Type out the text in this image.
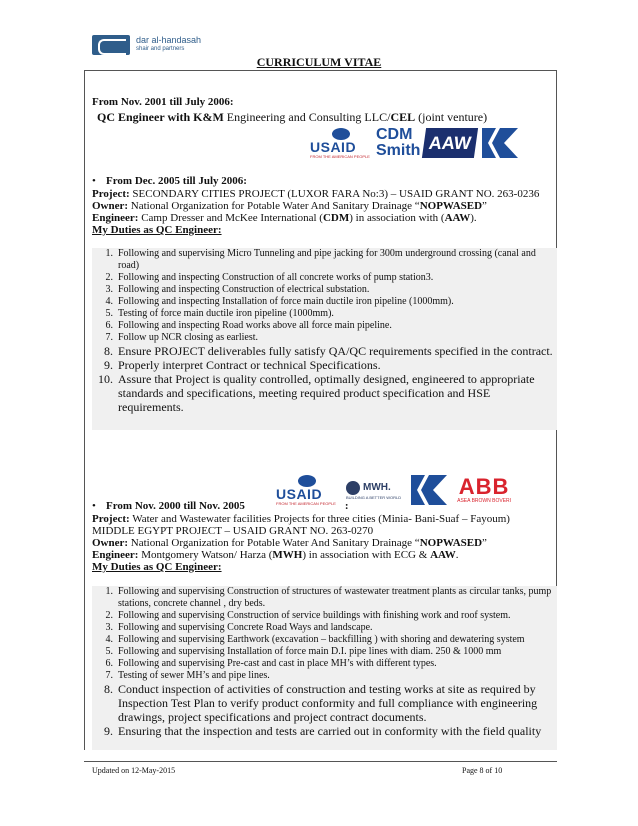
dar al-handasah
shair and partners
CURRICULUM VITAE
From Nov. 2001 till July 2006:
QC Engineer with K&M Engineering and Consulting LLC/CEL (joint venture)
USAID
FROM THE AMERICAN PEOPLE
CDM
Smith AAW
• From Dec. 2005 till July 2006:
Project: SECONDARY CITIES PROJECT (LUXOR FARA No:3) – USAID GRANT NO. 263-0236
Owner: National Organization for Potable Water And Sanitary Drainage “NOPWASED”
Engineer: Camp Dresser and McKee International (CDM) in association with (AAW).
My Duties as QC Engineer:
1. Following and supervising Micro Tunneling and pipe jacking for 300m underground crossing (canal and road)
2. Following and inspecting Construction of all concrete works of pump station3.
3. Following and inspecting Construction of electrical substation.
4. Following and inspecting Installation of force main ductile iron pipeline (1000mm).
5. Testing of force main ductile iron pipeline (1000mm).
6. Following and inspecting Road works above all force main pipeline.
7. Follow up NCR closing as earliest.
8. Ensure PROJECT deliverables fully satisfy QA/QC requirements specified in the contract.
9. Properly interpret Contract or technical Specifications.
10. Assure that Project is quality controlled, optimally designed, engineered to appropriate standards and specifications, meeting required product specification and HSE requirements.
USAID
FROM THE AMERICAN PEOPLE
MWH.
BUILDING A BETTER WORLD	ABB
ASEA BROWN BOVERI
• From Nov. 2000 till Nov. 2005	:
Project: Water and Wastewater facilities Projects for three cities (Minia- Bani-Suaf – Fayoum)
MIDDLE EGYPT PROJECT – USAID GRANT NO. 263-0270
Owner: National Organization for Potable Water And Sanitary Drainage “NOPWASED”
Engineer: Montgomery Watson/ Harza (MWH) in association with ECG & AAW.
My Duties as QC Engineer:
1. Following and supervising Construction of structures of wastewater treatment plants as circular tanks, pump stations, concrete channel , dry beds.
2. Following and supervising Construction of service buildings with finishing work and roof system.
3. Following and supervising Concrete Road Ways and landscape.
4. Following and supervising Earthwork (excavation – backfilling ) with shoring and dewatering system
5. Following and supervising Installation of force main D.I. pipe lines with diam. 250 & 1000 mm
6. Following and supervising Pre-cast and cast in place MH’s with different types.
7. Testing of sewer MH’s and pipe lines.
8. Conduct inspection of activities of construction and testing works at site as required by Inspection Test Plan to verify product conformity and full compliance with engineering drawings, project specifications and project contract documents.
9. Ensuring that the inspection and tests are carried out in conformity with the field quality
Updated on 12-May-2015	Page 8 of 10
